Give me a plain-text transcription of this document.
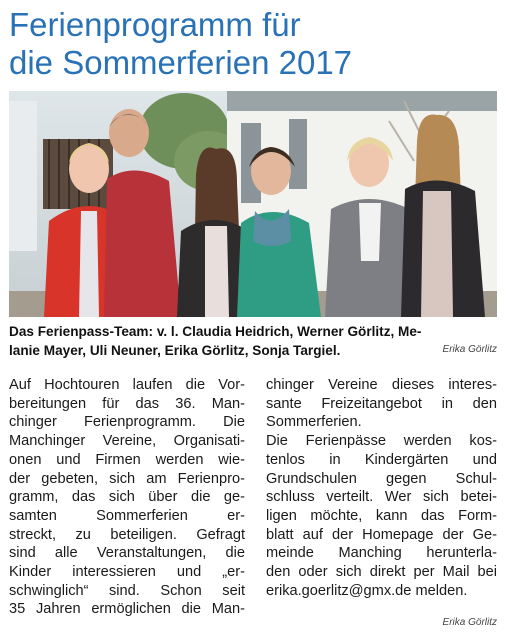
Ferienprogramm für
die Sommerferien 2017
Das Ferienpass-Team: v. l. Claudia Heidrich, Werner Görlitz, Me-
lanie Mayer, Uli Neuner, Erika Görlitz, Sonja Targiel.	Erika Görlitz
Auf Hochtouren laufen die Vor-
bereitungen für das 36. Man-
chinger Ferienprogramm. Die
Manchinger Vereine, Organisati-
onen und Firmen werden wie-
der gebeten, sich am Ferienpro-
gramm, das sich über die ge-
samten Sommerferien er-
streckt, zu beteiligen. Gefragt
sind alle Veranstaltungen, die
Kinder interessieren und „er-
schwinglich“ sind. Schon seit
35 Jahren ermöglichen die Man-
chinger Vereine dieses interes-
sante Freizeitangebot in den
Sommerferien.
Die Ferienpässe werden kos-
tenlos in Kindergärten und
Grundschulen gegen Schul-
schluss verteilt. Wer sich betei-
ligen möchte, kann das Form-
blatt auf der Homepage der Ge-
meinde Manching herunterla-
den oder sich direkt per Mail bei
erika.goerlitz@gmx.de melden.
Erika Görlitz
